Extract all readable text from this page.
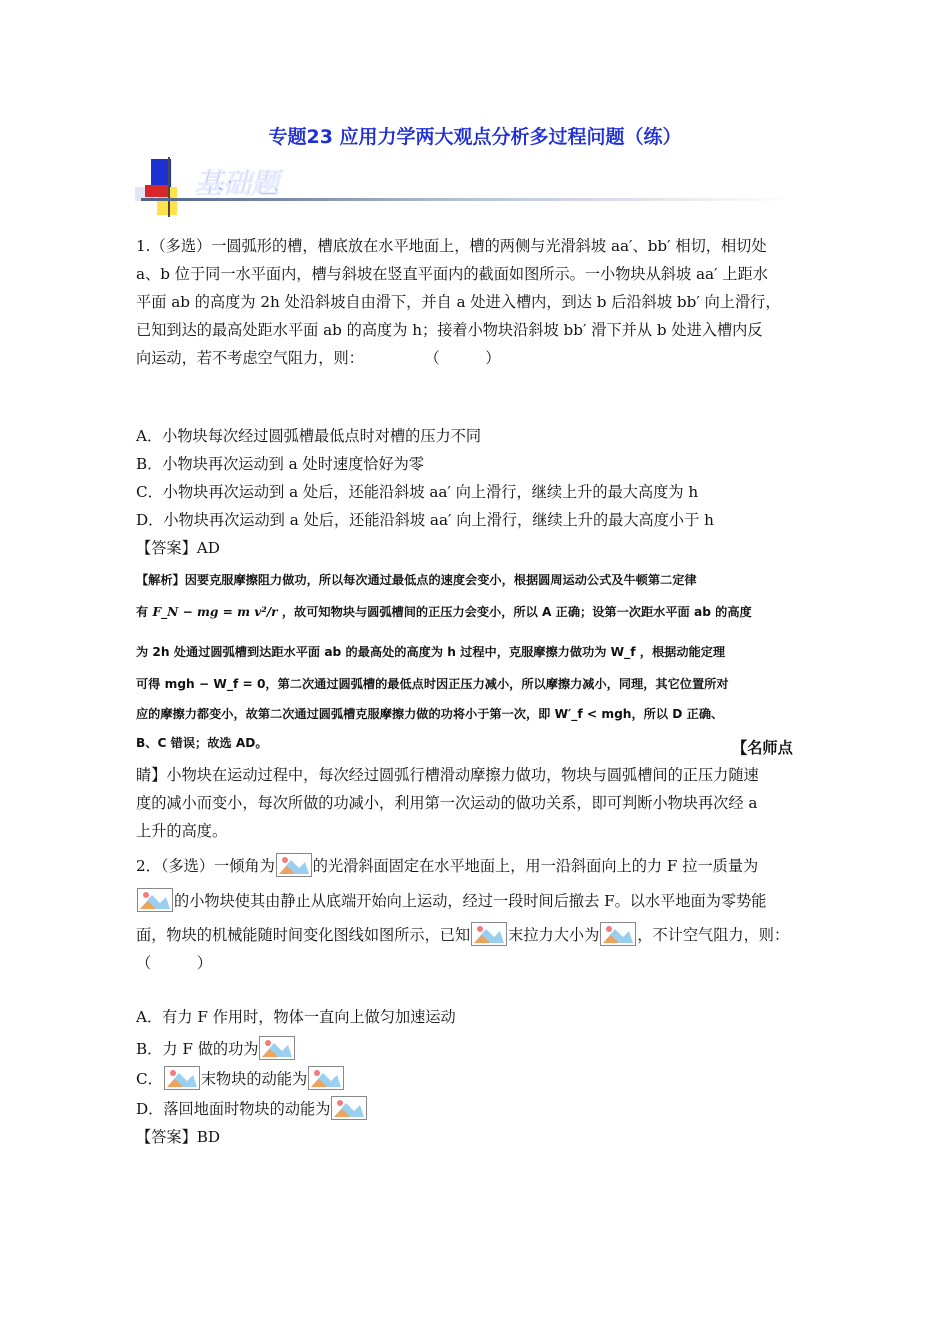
专题23 应用力学两大观点分析多过程问题（练）
基础题
1.（多选）一圆弧形的槽，槽底放在水平地面上，槽的两侧与光滑斜坡 aa′、bb′ 相切，相切处
a、b 位于同一水平面内，槽与斜坡在竖直平面内的截面如图所示。一小物块从斜坡 aa′ 上距水
平面 ab 的高度为 2h 处沿斜坡自由滑下，并自 a 处进入槽内，到达 b 后沿斜坡 bb′ 向上滑行，
已知到达的最高处距水平面 ab 的高度为 h；接着小物块沿斜坡 bb′ 滑下并从 b 处进入槽内反
向运动，若不考虑空气阻力，则：　　　　　（　　　）
A．小物块每次经过圆弧槽最低点时对槽的压力不同
B．小物块再次运动到 a 处时速度恰好为零
C．小物块再次运动到 a 处后，还能沿斜坡 aa′ 向上滑行，继续上升的最大高度为 h
D．小物块再次运动到 a 处后，还能沿斜坡 aa′ 向上滑行，继续上升的最大高度小于 h
【答案】AD
【解析】因要克服摩擦阻力做功，所以每次通过最低点的速度会变小，根据圆周运动公式及牛顿第二定律
有 F_N − mg = m v²/r ，故可知物块与圆弧槽间的正压力会变小，所以 A 正确；设第一次距水平面 ab 的高度
为 2h 处通过圆弧槽到达距水平面 ab 的最高处的高度为 h 过程中，克服摩擦力做功为 W_f ，根据动能定理
可得 mgh − W_f = 0，第二次通过圆弧槽的最低点时因正压力减小，所以摩擦力减小，同理，其它位置所对
应的摩擦力都变小，故第二次通过圆弧槽克服摩擦力做的功将小于第一次，即 W′_f < mgh，所以 D 正确、
B、C 错误；故选 AD。	【名师点
睛】小物块在运动过程中，每次经过圆弧行槽滑动摩擦力做功，物块与圆弧槽间的正压力随速
度的减小而变小，每次所做的功减小，利用第一次运动的做功关系，即可判断小物块再次经 a
上升的高度。
2．（多选）一倾角为	的光滑斜面固定在水平地面上，用一沿斜面向上的力 F 拉一质量为
的小物块使其由静止从底端开始向上运动，经过一段时间后撤去 F。以水平地面为零势能
面，物块的机械能随时间变化图线如图所示，已知	末拉力大小为	，不计空气阻力，则：
（　　　）
A．有力 F 作用时，物体一直向上做匀加速运动
B．力 F 做的功为
C．	末物块的动能为
D．落回地面时物块的动能为
【答案】BD
